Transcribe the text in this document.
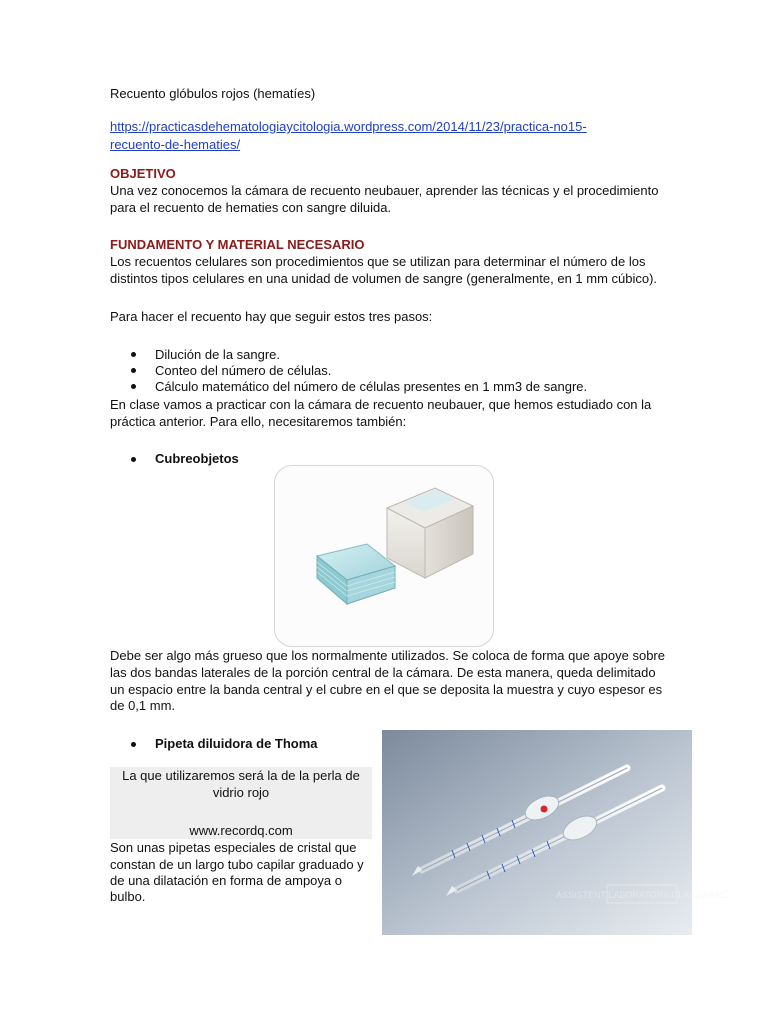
Recuento glóbulos rojos (hematíes)
https://practicasdehematologiaycitologia.wordpress.com/2014/11/23/practica-no15-
recuento-de-hematies/
OBJETIVO
Una vez conocemos la cámara de recuento neubauer, aprender las técnicas y el procedimiento
para el recuento de hematies con sangre diluida.
FUNDAMENTO Y MATERIAL NECESARIO
Los recuentos celulares son procedimientos que se utilizan para determinar el número de los
distintos tipos celulares en una unidad de volumen de sangre (generalmente, en 1 mm cúbico).
Para hacer el recuento hay que seguir estos tres pasos:
Dilución de la sangre.
Conteo del número de células.
Cálculo matemático del número de células presentes en 1 mm3 de sangre.
En clase vamos a practicar con la cámara de recuento neubauer, que hemos estudiado con la
práctica anterior. Para ello, necesitaremos también:
Cubreobjetos
Debe ser algo más grueso que los normalmente utilizados. Se coloca de forma que apoye sobre
las dos bandas laterales de la porción central de la cámara. De esta manera, queda delimitado
un espacio entre la banda central y el cubre en el que se deposita la muestra y cuyo espesor es
de 0,1 mm.
Pipeta diluidora de Thoma
La que utilizaremos será la de la perla de
vidrio rojo
www.recordq.com
Son unas pipetas especiales de cristal que
constan de un largo tubo capilar graduado y
de una dilatación en forma de ampoya o
bulbo.	ASSISTENT LABORATORY GLASSWARE
